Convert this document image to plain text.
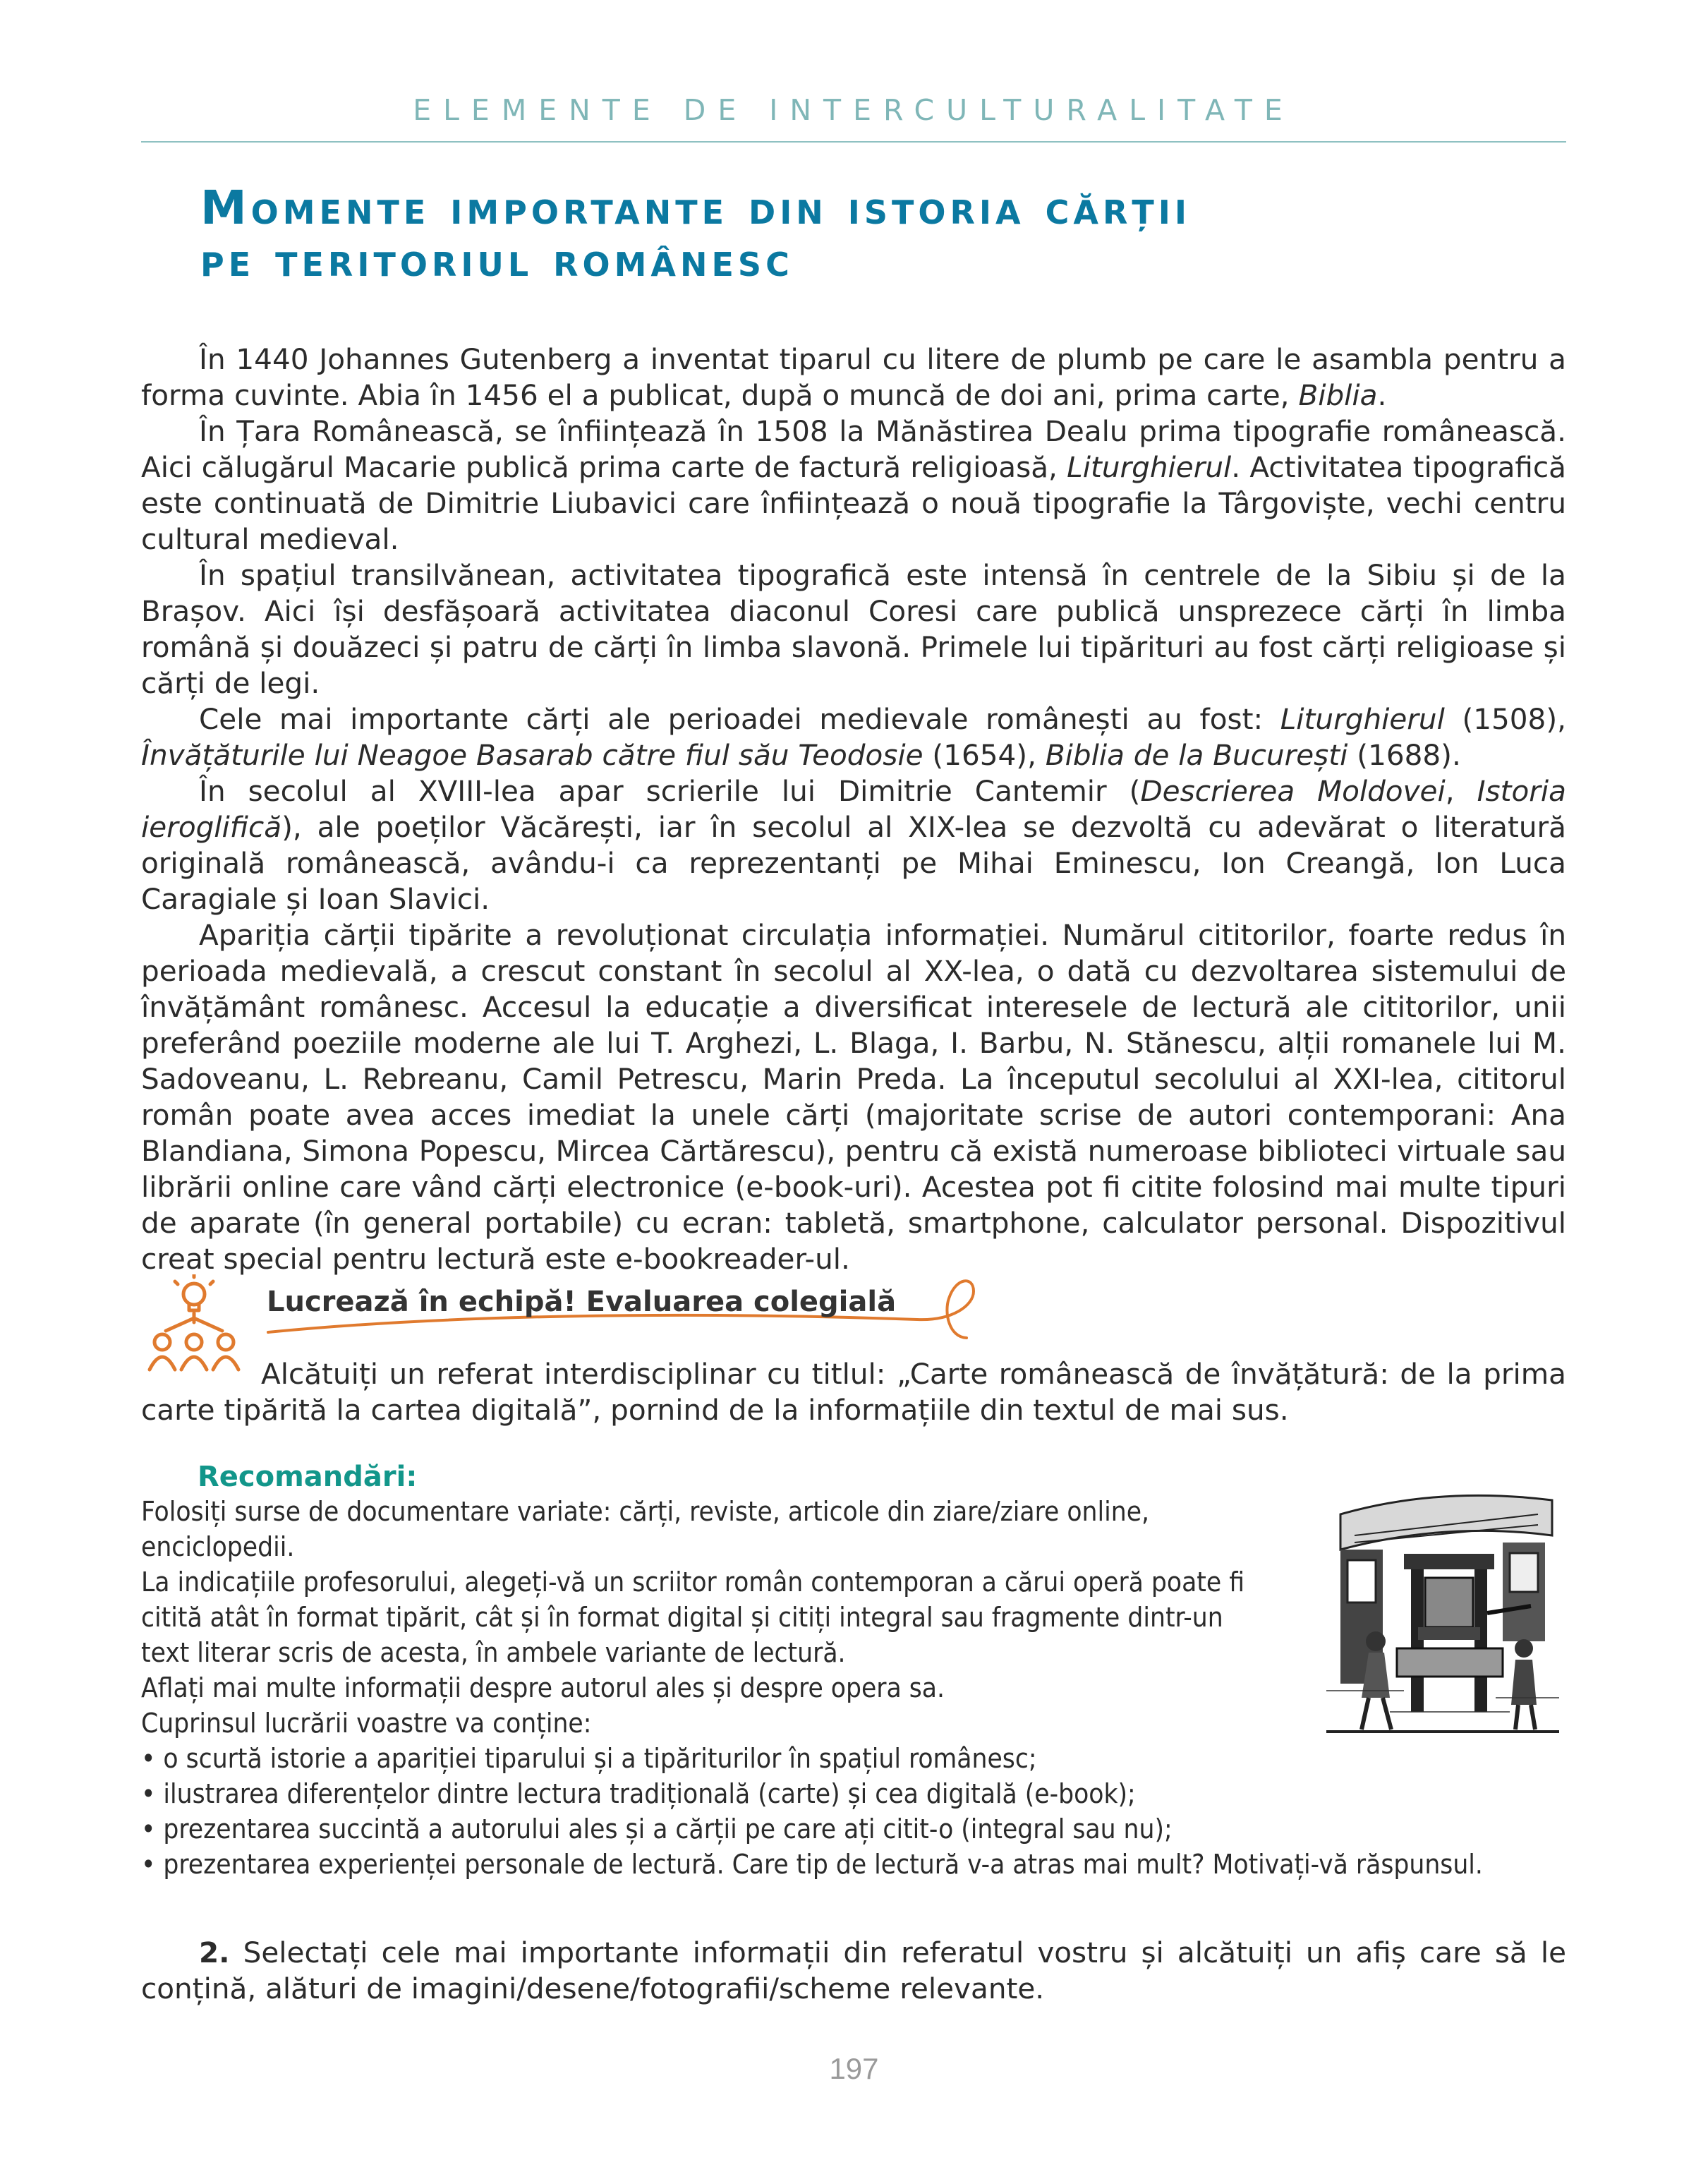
ELEMENTE DE INTERCULTURALITATE
Momente importante din istoria cărții
pe teritoriul românesc

În 1440 Johannes Gutenberg a inventat tiparul cu litere de plumb pe care le asambla pentru a forma cuvinte. Abia în 1456 el a publicat, după o muncă de doi ani, prima carte, Biblia.

În Țara Românească, se înființează în 1508 la Mănăstirea Dealu prima tipografie românească. Aici călugărul Macarie publică prima carte de factură religioasă, Liturghierul. Activitatea tipografică este continuată de Dimitrie Liubavici care înființează o nouă tipografie la Târgoviște, vechi centru cultural medieval.

În spațiul transilvănean, activitatea tipografică este intensă în centrele de la Sibiu și de la Brașov. Aici își desfășoară activitatea diaconul Coresi care publică unsprezece cărți în limba română și douăzeci și patru de cărți în limba slavonă. Primele lui tipărituri au fost cărți religioase și cărți de legi.

Cele mai importante cărți ale perioadei medievale românești au fost: Liturghierul (1508), Învățăturile lui Neagoe Basarab către fiul său Teodosie (1654), Biblia de la București (1688).

În secolul al XVIII-lea apar scrierile lui Dimitrie Cantemir (Descrierea Moldovei, Istoria ieroglifică), ale poeților Văcărești, iar în secolul al XIX-lea se dezvoltă cu adevărat o literatură originală românească, avându-i ca reprezentanți pe Mihai Eminescu, Ion Creangă, Ion Luca Caragiale și Ioan Slavici.

Apariția cărții tipărite a revoluționat circulația informației. Numărul cititorilor, foarte redus în perioada medievală, a crescut constant în secolul al XX-lea, o dată cu dezvoltarea sistemului de învățământ românesc. Accesul la educație a diversificat interesele de lectură ale cititorilor, unii preferând poeziile moderne ale lui T. Arghezi, L. Blaga, I. Barbu, N. Stănescu, alții romanele lui M. Sadoveanu, L. Rebreanu, Camil Petrescu, Marin Preda. La începutul secolului al XXI-lea, cititorul român poate avea acces imediat la unele cărți (majoritate scrise de autori contemporani: Ana Blandiana, Simona Popescu, Mircea Cărtărescu), pentru că există numeroase biblioteci virtuale sau librării online care vând cărți electronice (e-book-uri). Acestea pot fi citite folosind mai multe tipuri de aparate (în general portabile) cu ecran: tabletă, smartphone, calculator personal. Dispozitivul creat special pentru lectură este e-bookreader-ul.

Lucrează în echipă! Evaluarea colegială

Alcătuiți un referat interdisciplinar cu titlul: „Carte românească de învățătură: de la prima carte tipărită la cartea digitală”, pornind de la informațiile din textul de mai sus.

Recomandări:
Folosiți surse de documentare variate: cărți, reviste, articole din ziare/ziare online, enciclopedii.
La indicațiile profesorului, alegeți-vă un scriitor român contemporan a cărui operă poate fi citită atât în format tipărit, cât și în format digital și citiți integral sau fragmente dintr-un text literar scris de acesta, în ambele variante de lectură.
Aflați mai multe informații despre autorul ales și despre opera sa.
Cuprinsul lucrării voastre va conține:
• o scurtă istorie a apariției tiparului și a tipăriturilor în spațiul românesc;
• ilustrarea diferențelor dintre lectura tradițională (carte) și cea digitală (e-book);
• prezentarea succintă a autorului ales și a cărții pe care ați citit-o (integral sau nu);
• prezentarea experienței personale de lectură. Care tip de lectură v-a atras mai mult? Motivați-vă răspunsul.
2. Selectați cele mai importante informații din referatul vostru și alcătuiți un afiș care să le conțină, alături de imagini/desene/fotografii/scheme relevante.
197
